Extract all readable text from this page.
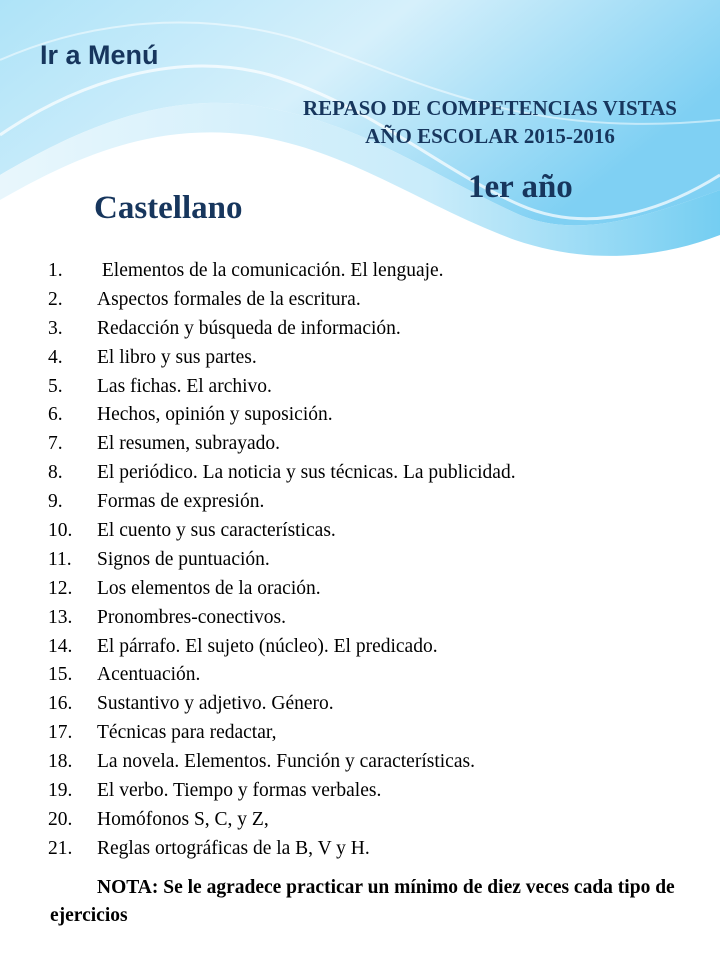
Ir a Menú
REPASO DE COMPETENCIAS VISTAS
AÑO ESCOLAR 2015-2016
1er año
Castellano
1. Elementos de la comunicación. El lenguaje.
2. Aspectos formales de la escritura.
3. Redacción y búsqueda de información.
4. El libro y sus partes.
5. Las fichas. El archivo.
6. Hechos, opinión y suposición.
7. El resumen, subrayado.
8. El periódico. La noticia y sus técnicas. La publicidad.
9. Formas de expresión.
10. El cuento y sus características.
11. Signos de puntuación.
12. Los elementos de la oración.
13. Pronombres-conectivos.
14. El párrafo. El sujeto (núcleo). El predicado.
15. Acentuación.
16. Sustantivo y adjetivo. Género.
17. Técnicas para redactar,
18. La novela. Elementos. Función y características.
19. El verbo. Tiempo y formas verbales.
20. Homófonos S, C, y Z,
21. Reglas ortográficas de la B, V y H.
NOTA: Se le agradece practicar un mínimo de diez veces cada tipo de ejercicios
